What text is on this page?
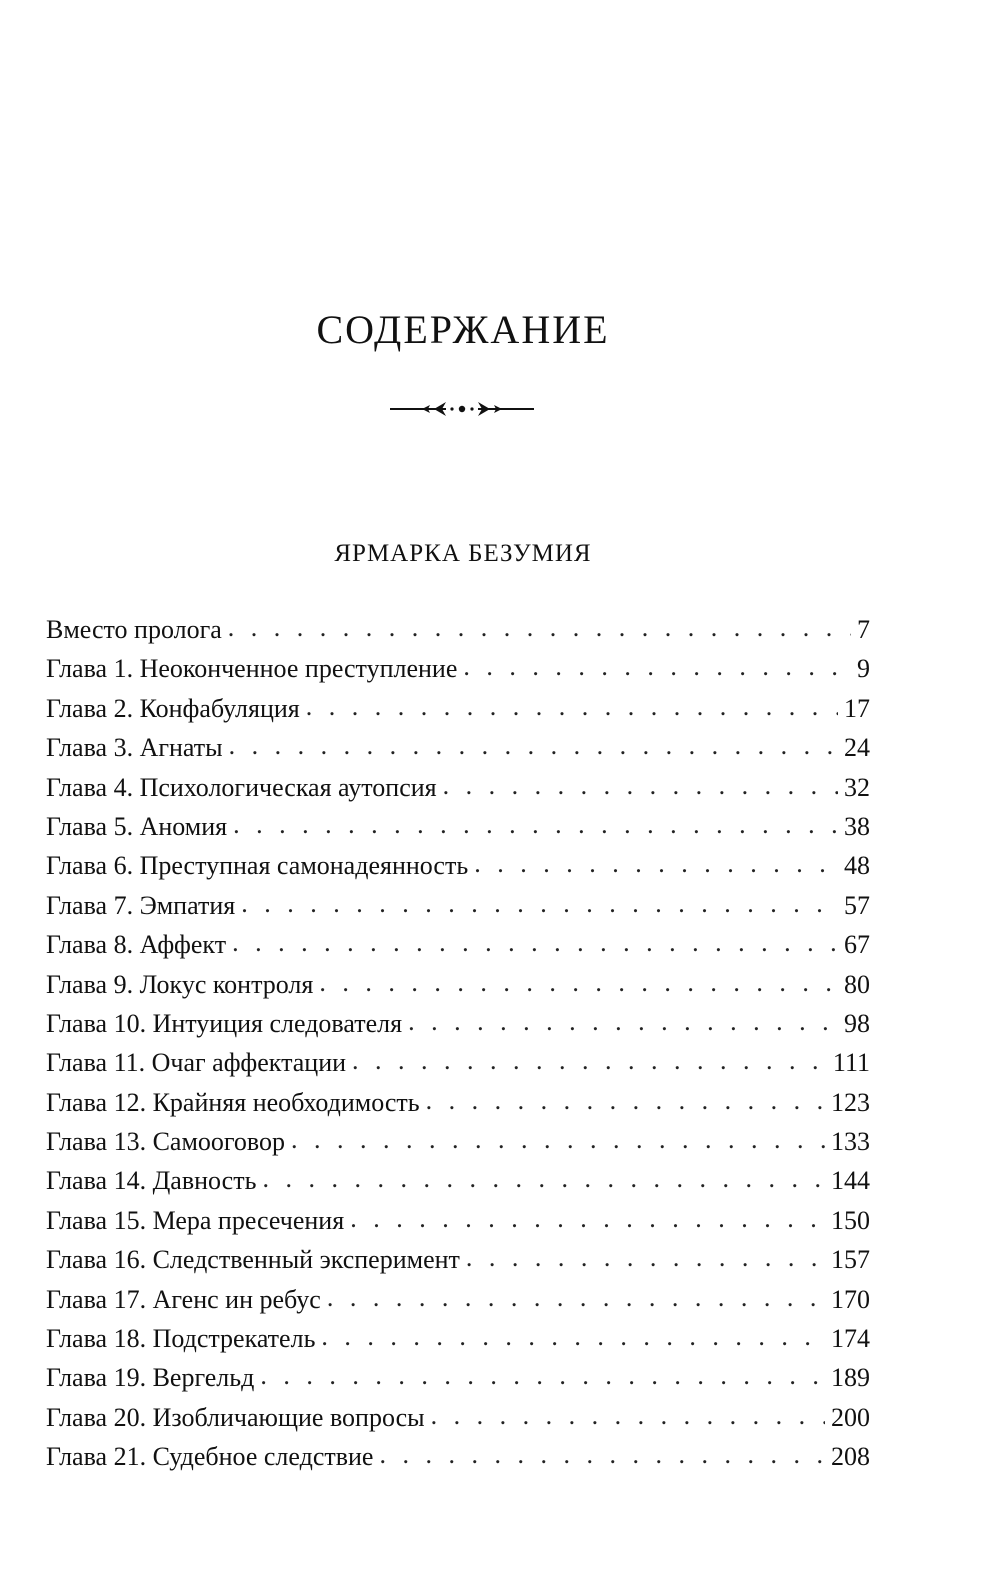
СОДЕРЖАНИЕ
ЯРМАРКА БЕЗУМИЯ
Вместо пролога . . .	7
Глава 1. Неоконченное преступление . . .	9
Глава 2. Конфабуляция . . .	17
Глава 3. Агнаты . . .	24
Глава 4. Психологическая аутопсия . . .	32
Глава 5. Аномия . . .	38
Глава 6. Преступная самонадеянность . . .	48
Глава 7. Эмпатия . . .	57
Глава 8. Аффект . . .	67
Глава 9. Локус контроля . . .	80
Глава 10. Интуиция следователя . . .	98
Глава 11. Очаг аффектации . . .	111
Глава 12. Крайняя необходимость . . .	123
Глава 13. Самооговор . . .	133
Глава 14. Давность . . .	144
Глава 15. Мера пресечения . . .	150
Глава 16. Следственный эксперимент . . .	157
Глава 17. Агенс ин ребус . . .	170
Глава 18. Подстрекатель . . .	174
Глава 19. Вергельд . . .	189
Глава 20. Изобличающие вопросы . . .	200
Глава 21. Судебное следствие . . .	208
